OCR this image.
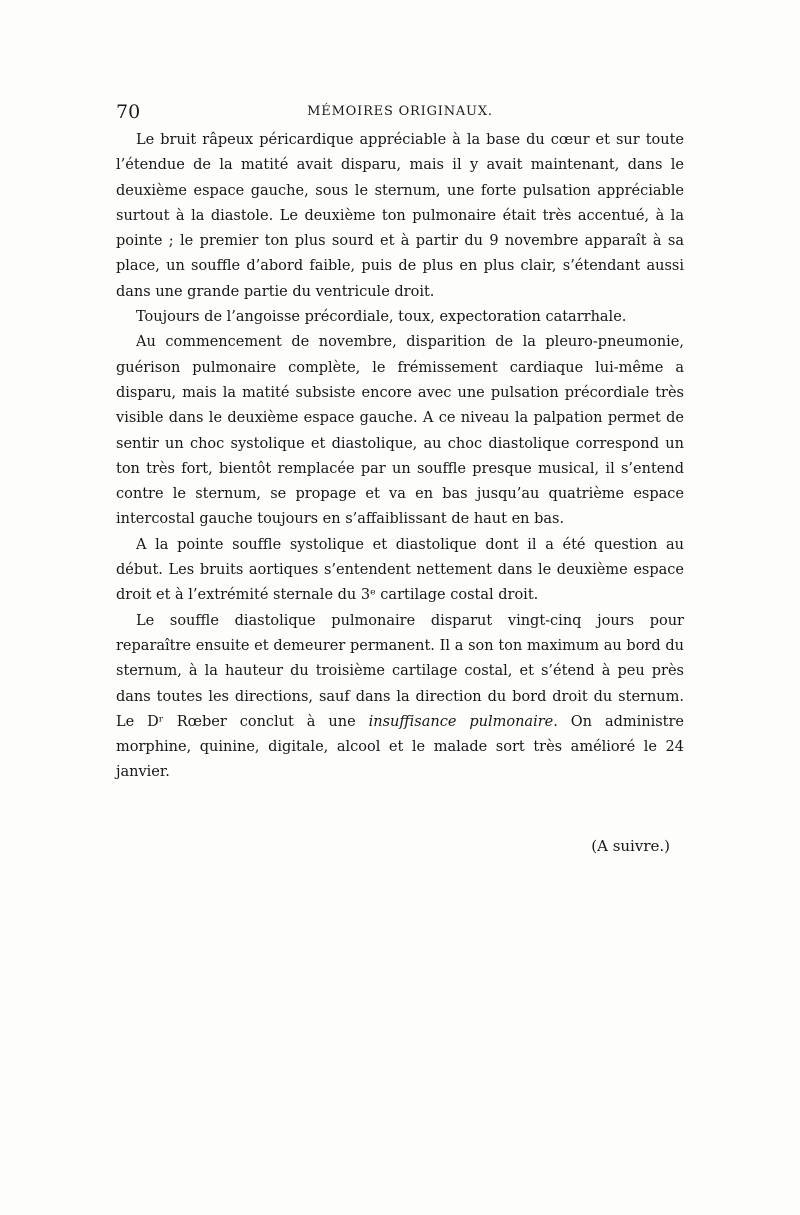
70	MÉMOIRES ORIGINAUX.

Le bruit râpeux péricardique appréciable à la base du cœur et sur toute l’étendue de la matité avait disparu, mais il y avait maintenant, dans le deuxième espace gauche, sous le sternum, une forte pulsation appréciable surtout à la diastole. Le deuxième ton pulmonaire était très accentué, à la pointe ; le premier ton plus sourd et à partir du 9 novembre apparaît à sa place, un souffle d’abord faible, puis de plus en plus clair, s’étendant aussi dans une grande partie du ventricule droit.

Toujours de l’angoisse précordiale, toux, expectoration catarrhale.

Au commencement de novembre, disparition de la pleuro-pneumonie, guérison pulmonaire complète, le frémissement cardiaque lui-même a disparu, mais la matité subsiste encore avec une pulsation précordiale très visible dans le deuxième espace gauche. A ce niveau la palpation permet de sentir un choc systolique et diastolique, au choc diastolique correspond un ton très fort, bientôt remplacée par un souffle presque musical, il s’entend contre le sternum, se propage et va en bas jusqu’au quatrième espace intercostal gauche toujours en s’affaiblissant de haut en bas.

A la pointe souffle systolique et diastolique dont il a été question au début. Les bruits aortiques s’entendent nettement dans le deuxième espace droit et à l’extrémité sternale du 3ᵉ cartilage costal droit.

Le souffle diastolique pulmonaire disparut vingt-cinq jours pour reparaître ensuite et demeurer permanent. Il a son ton maximum au bord du sternum, à la hauteur du troisième cartilage costal, et s’étend à peu près dans toutes les directions, sauf dans la direction du bord droit du sternum. Le Dʳ Rœber conclut à une insuffisance pulmonaire. On administre morphine, quinine, digitale, alcool et le malade sort très amélioré le 24 janvier.

(A suivre.)
